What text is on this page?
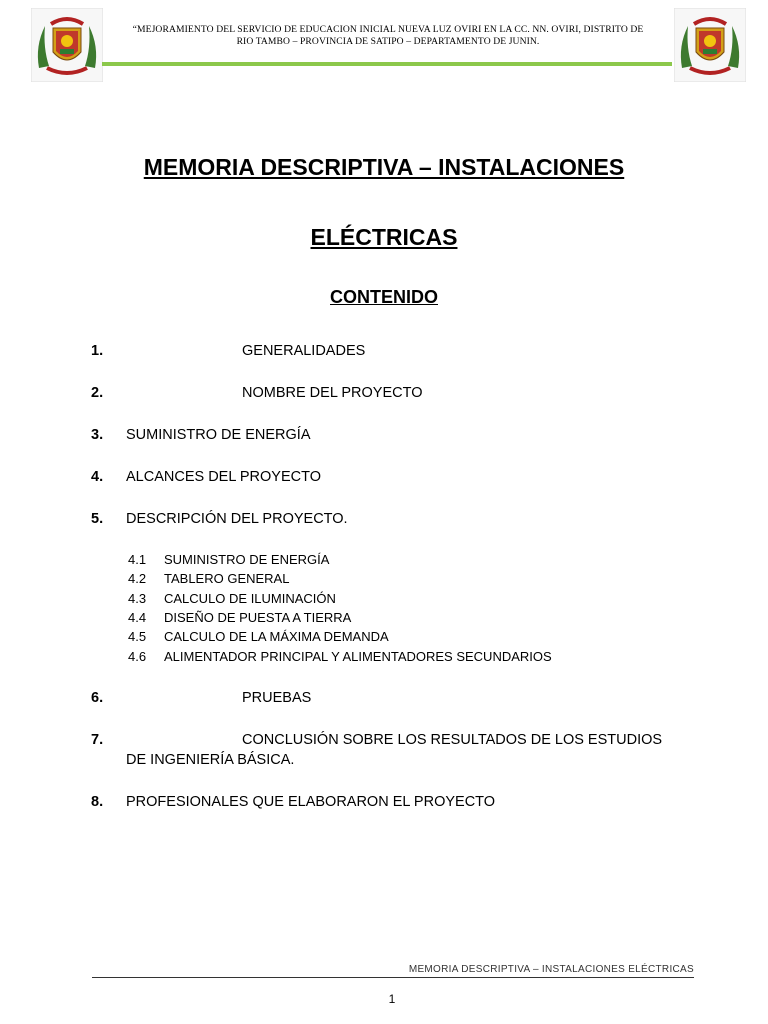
“MEJORAMIENTO DEL SERVICIO DE EDUCACION INICIAL NUEVA LUZ OVIRI EN LA CC. NN. OVIRI, DISTRITO DE
RIO TAMBO – PROVINCIA DE SATIPO – DEPARTAMENTO DE JUNIN.
MEMORIA DESCRIPTIVA – INSTALACIONES
ELÉCTRICAS
CONTENIDO
1.	GENERALIDADES
2.	NOMBRE DEL PROYECTO
3. SUMINISTRO DE ENERGÍA
4. ALCANCES DEL PROYECTO
5. DESCRIPCIÓN DEL PROYECTO.
4.1 SUMINISTRO DE ENERGÍA
4.2 TABLERO GENERAL
4.3 CALCULO DE ILUMINACIÓN
4.4 DISEÑO DE PUESTA A TIERRA
4.5 CALCULO DE LA MÁXIMA DEMANDA
4.6 ALIMENTADOR PRINCIPAL Y ALIMENTADORES SECUNDARIOS
6.	PRUEBAS
7.	CONCLUSIÓN SOBRE LOS RESULTADOS DE LOS ESTUDIOS
DE INGENIERÍA BÁSICA.
8. PROFESIONALES QUE ELABORARON EL PROYECTO
MEMORIA DESCRIPTIVA – INSTALACIONES ELÉCTRICAS
1
